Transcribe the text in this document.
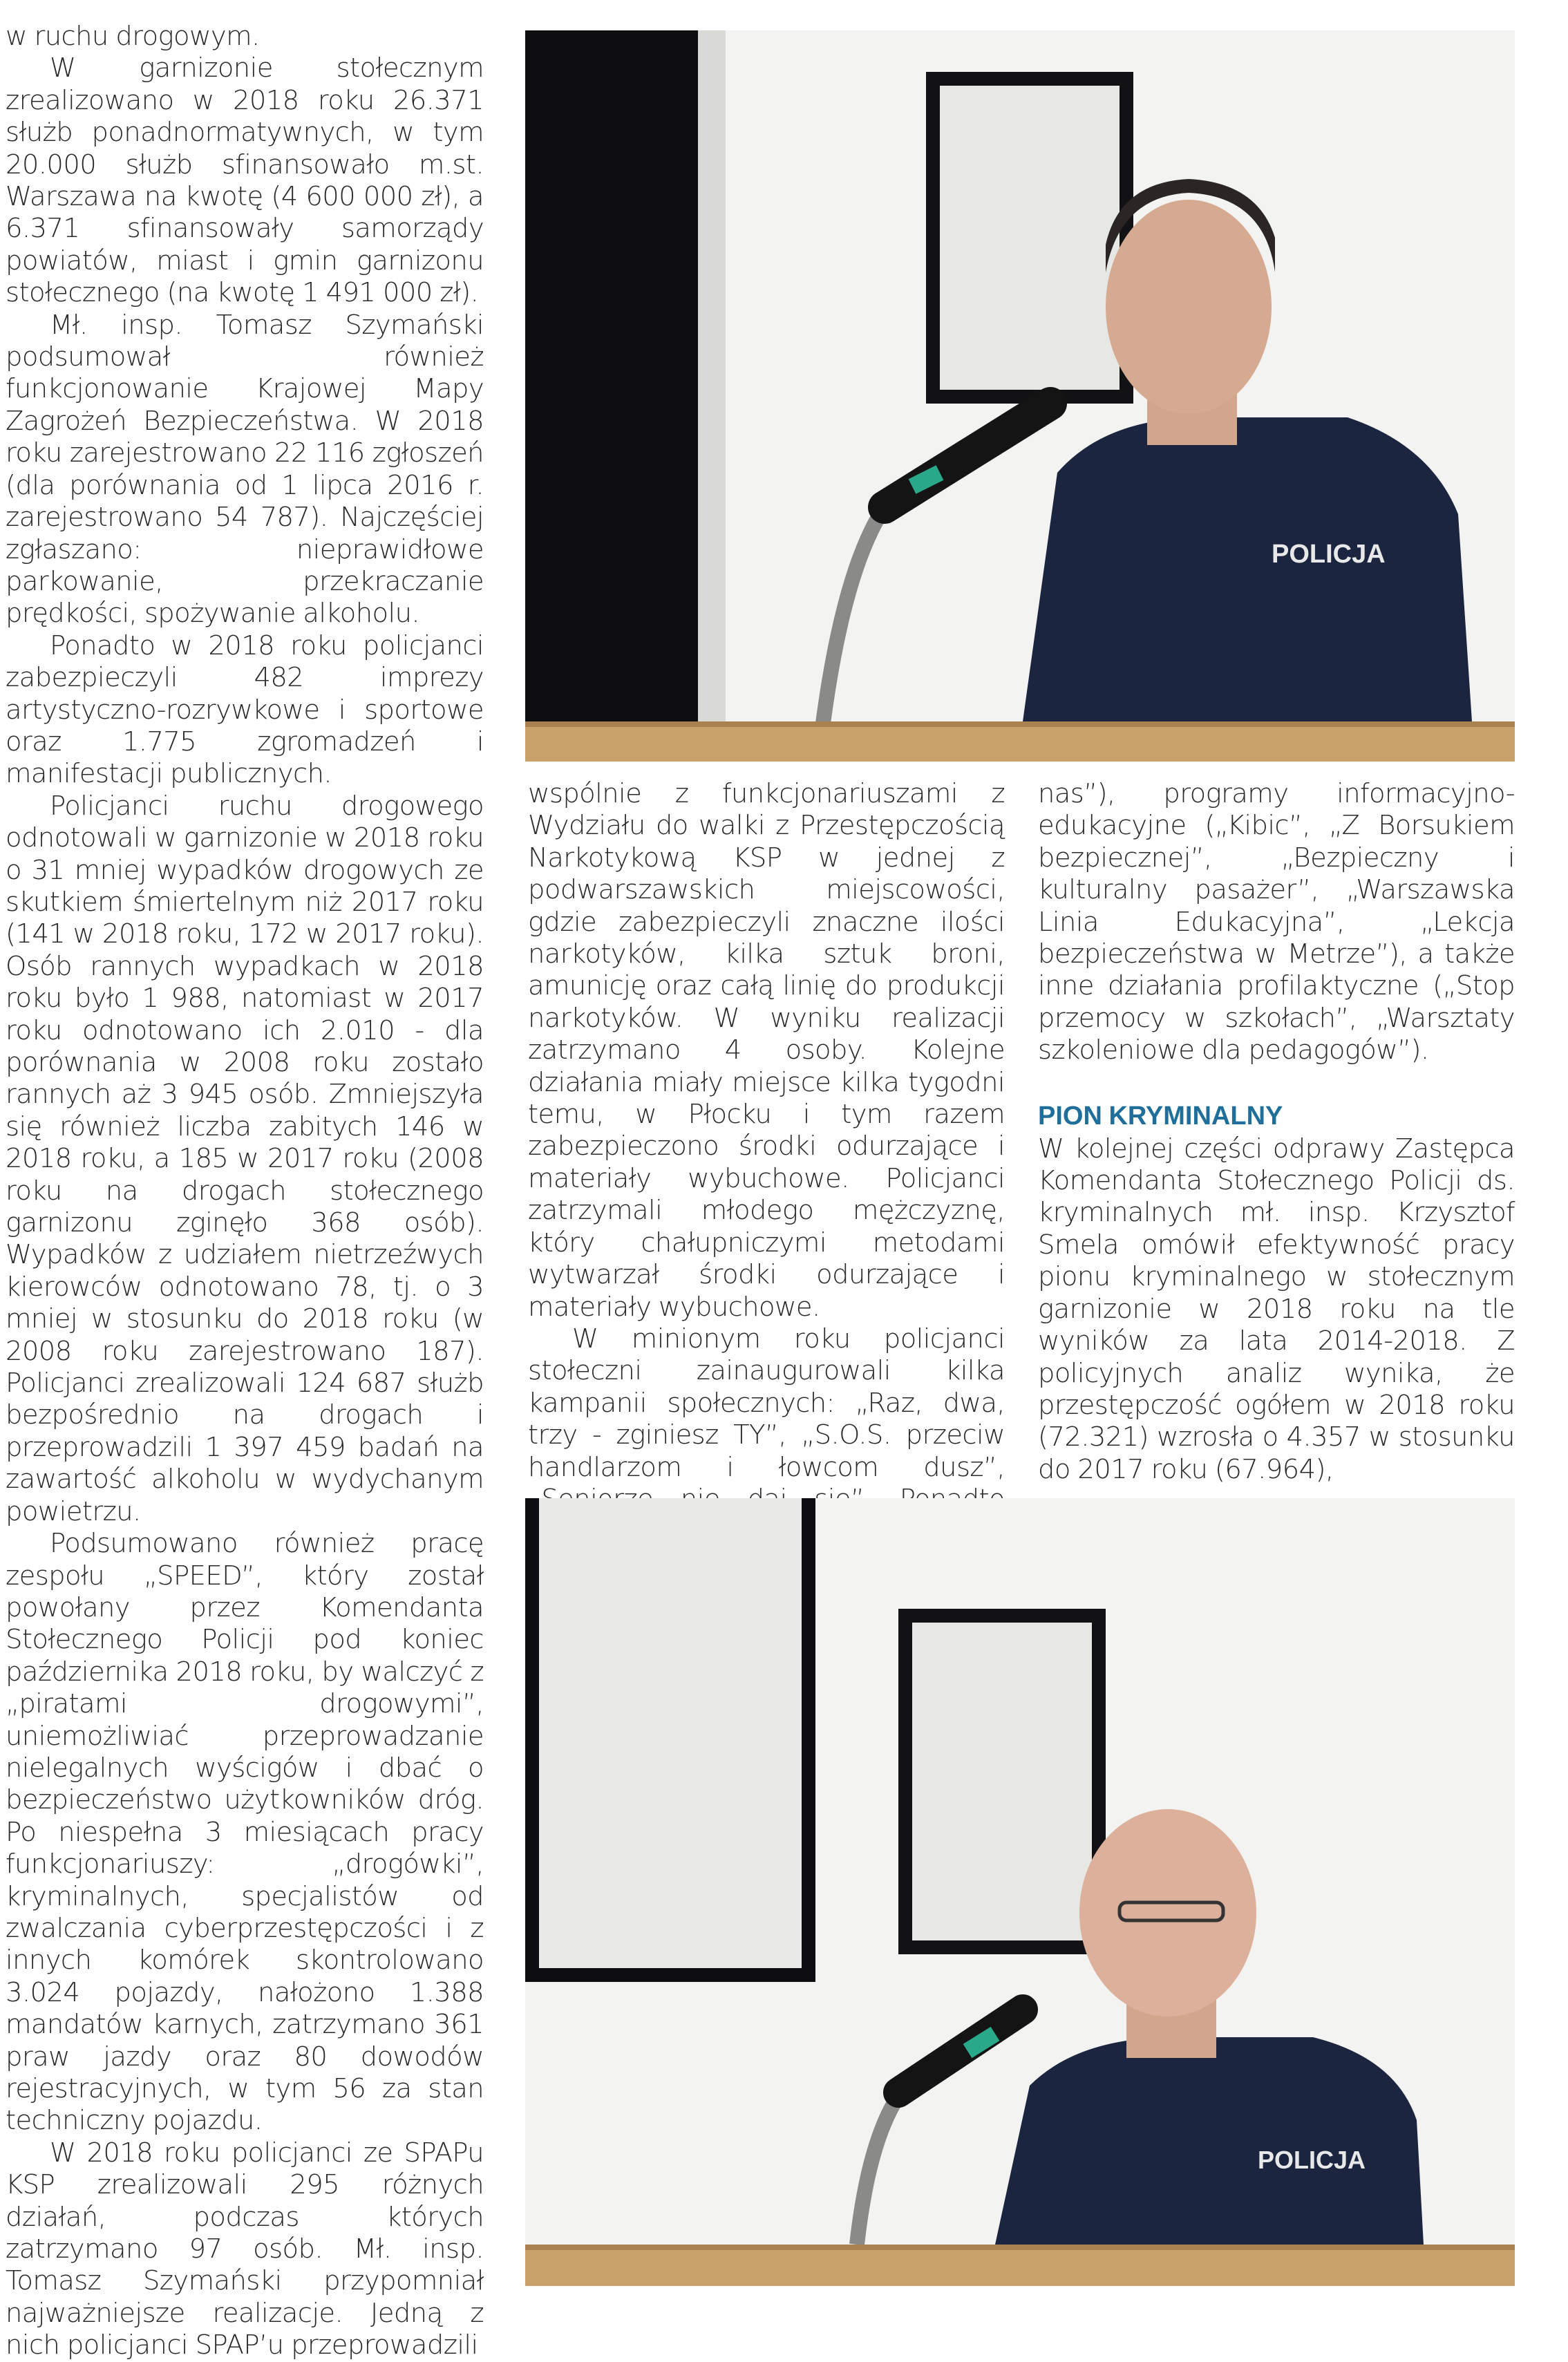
w ruchu drogowym.

W garnizonie stołecznym zrealizowano w 2018 roku 26.371 służb ponadnormatywnych, w tym 20.000 służb sfinansowało m.st. Warszawa na kwotę (4 600 000 zł), a 6.371 sfinansowały samorządy powiatów, miast i gmin garnizonu stołecznego (na kwotę 1 491 000 zł).

Mł. insp. Tomasz Szymański podsumował również funkcjonowanie Krajowej Mapy Zagrożeń Bezpieczeństwa. W 2018 roku zarejestrowano 22 116 zgłoszeń (dla porównania od 1 lipca 2016 r. zarejestrowano 54 787). Najczęściej zgłaszano: nieprawidłowe parkowanie, przekraczanie prędkości, spożywanie alkoholu.

Ponadto w 2018 roku policjanci zabezpieczyli 482 imprezy artystyczno-rozrywkowe i sportowe oraz 1.775 zgromadzeń i manifestacji publicznych.

Policjanci ruchu drogowego odnotowali w garnizonie w 2018 roku o 31 mniej wypadków drogowych ze skutkiem śmiertelnym niż 2017 roku (141 w 2018 roku, 172 w 2017 roku). Osób rannych wypadkach w 2018 roku było 1 988, natomiast w 2017 roku odnotowano ich 2.010 - dla porównania w 2008 roku zostało rannych aż 3 945 osób. Zmniejszyła się również liczba zabitych 146 w 2018 roku, a 185 w 2017 roku (2008 roku na drogach stołecznego garnizonu zginęło 368 osób). Wypadków z udziałem nietrzeźwych kierowców odnotowano 78, tj. o 3 mniej w stosunku do 2018 roku (w 2008 roku zarejestrowano 187). Policjanci zrealizowali 124 687 służb bezpośrednio na drogach i przeprowadzili 1 397 459 badań na zawartość alkoholu w wydychanym powietrzu.

Podsumowano również pracę zespołu „SPEED”, który został powołany przez Komendanta Stołecznego Policji pod koniec października 2018 roku, by walczyć z „piratami drogowymi”, uniemożliwiać przeprowadzanie nielegalnych wyścigów i dbać o bezpieczeństwo użytkowników dróg. Po niespełna 3 miesiącach pracy funkcjonariuszy: „drogówki”, kryminalnych, specjalistów od zwalczania cyberprzestępczości i z innych komórek skontrolowano 3.024 pojazdy, nałożono 1.388 mandatów karnych, zatrzymano 361 praw jazdy oraz 80 dowodów rejestracyjnych, w tym 56 za stan techniczny pojazdu.

W 2018 roku policjanci ze SPAPu KSP zrealizowali 295 różnych działań, podczas których zatrzymano 97 osób. Mł. insp. Tomasz Szymański przypomniał najważniejsze realizacje. Jedną z nich policjanci SPAP’u przeprowadzili

POLICJA

wspólnie z funkcjonariuszami z Wydziału do walki z Przestępczością Narkotykową KSP w jednej z podwarszawskich miejscowości, gdzie zabezpieczyli znaczne ilości narkotyków, kilka sztuk broni, amunicję oraz całą linię do produkcji narkotyków. W wyniku realizacji zatrzymano 4 osoby. Kolejne działania miały miejsce kilka tygodni temu, w Płocku i tym razem zabezpieczono środki odurzające i materiały wybuchowe. Policjanci zatrzymali młodego mężczyznę, który chałupniczymi metodami wytwarzał środki odurzające i materiały wybuchowe.

W minionym roku policjanci stołeczni zainaugurowali kilka kampanii społecznych: „Raz, dwa, trzy - zginiesz TY”, „S.O.S. przeciw handlarzom i łowcom dusz”,

nas”), programy informacyjno-edukacyjne („Kibic”, „Z Borsukiem bezpiecznej”, „Bezpieczny i kulturalny pasażer”, „Warszawska Linia Edukacyjna”, „Lekcja bezpieczeństwa w Metrze”), a także inne działania profilaktyczne („Stop przemocy w szkołach”, „Warsztaty szkoleniowe dla pedagogów”).

PION KRYMINALNY

W kolejnej części odprawy Zastępca Komendanta Stołecznego Policji ds. kryminalnych mł. insp. Krzysztof Smela omówił efektywność pracy pionu kryminalnego w stołecznym garnizonie w 2018 roku na tle wyników za lata 2014-2018. Z policyjnych analiz wynika, że przestępczość ogółem w 2018 roku (72.321) wzrosła o 4.357 w stosunku do 2017 roku (67.964),

POLICJA
